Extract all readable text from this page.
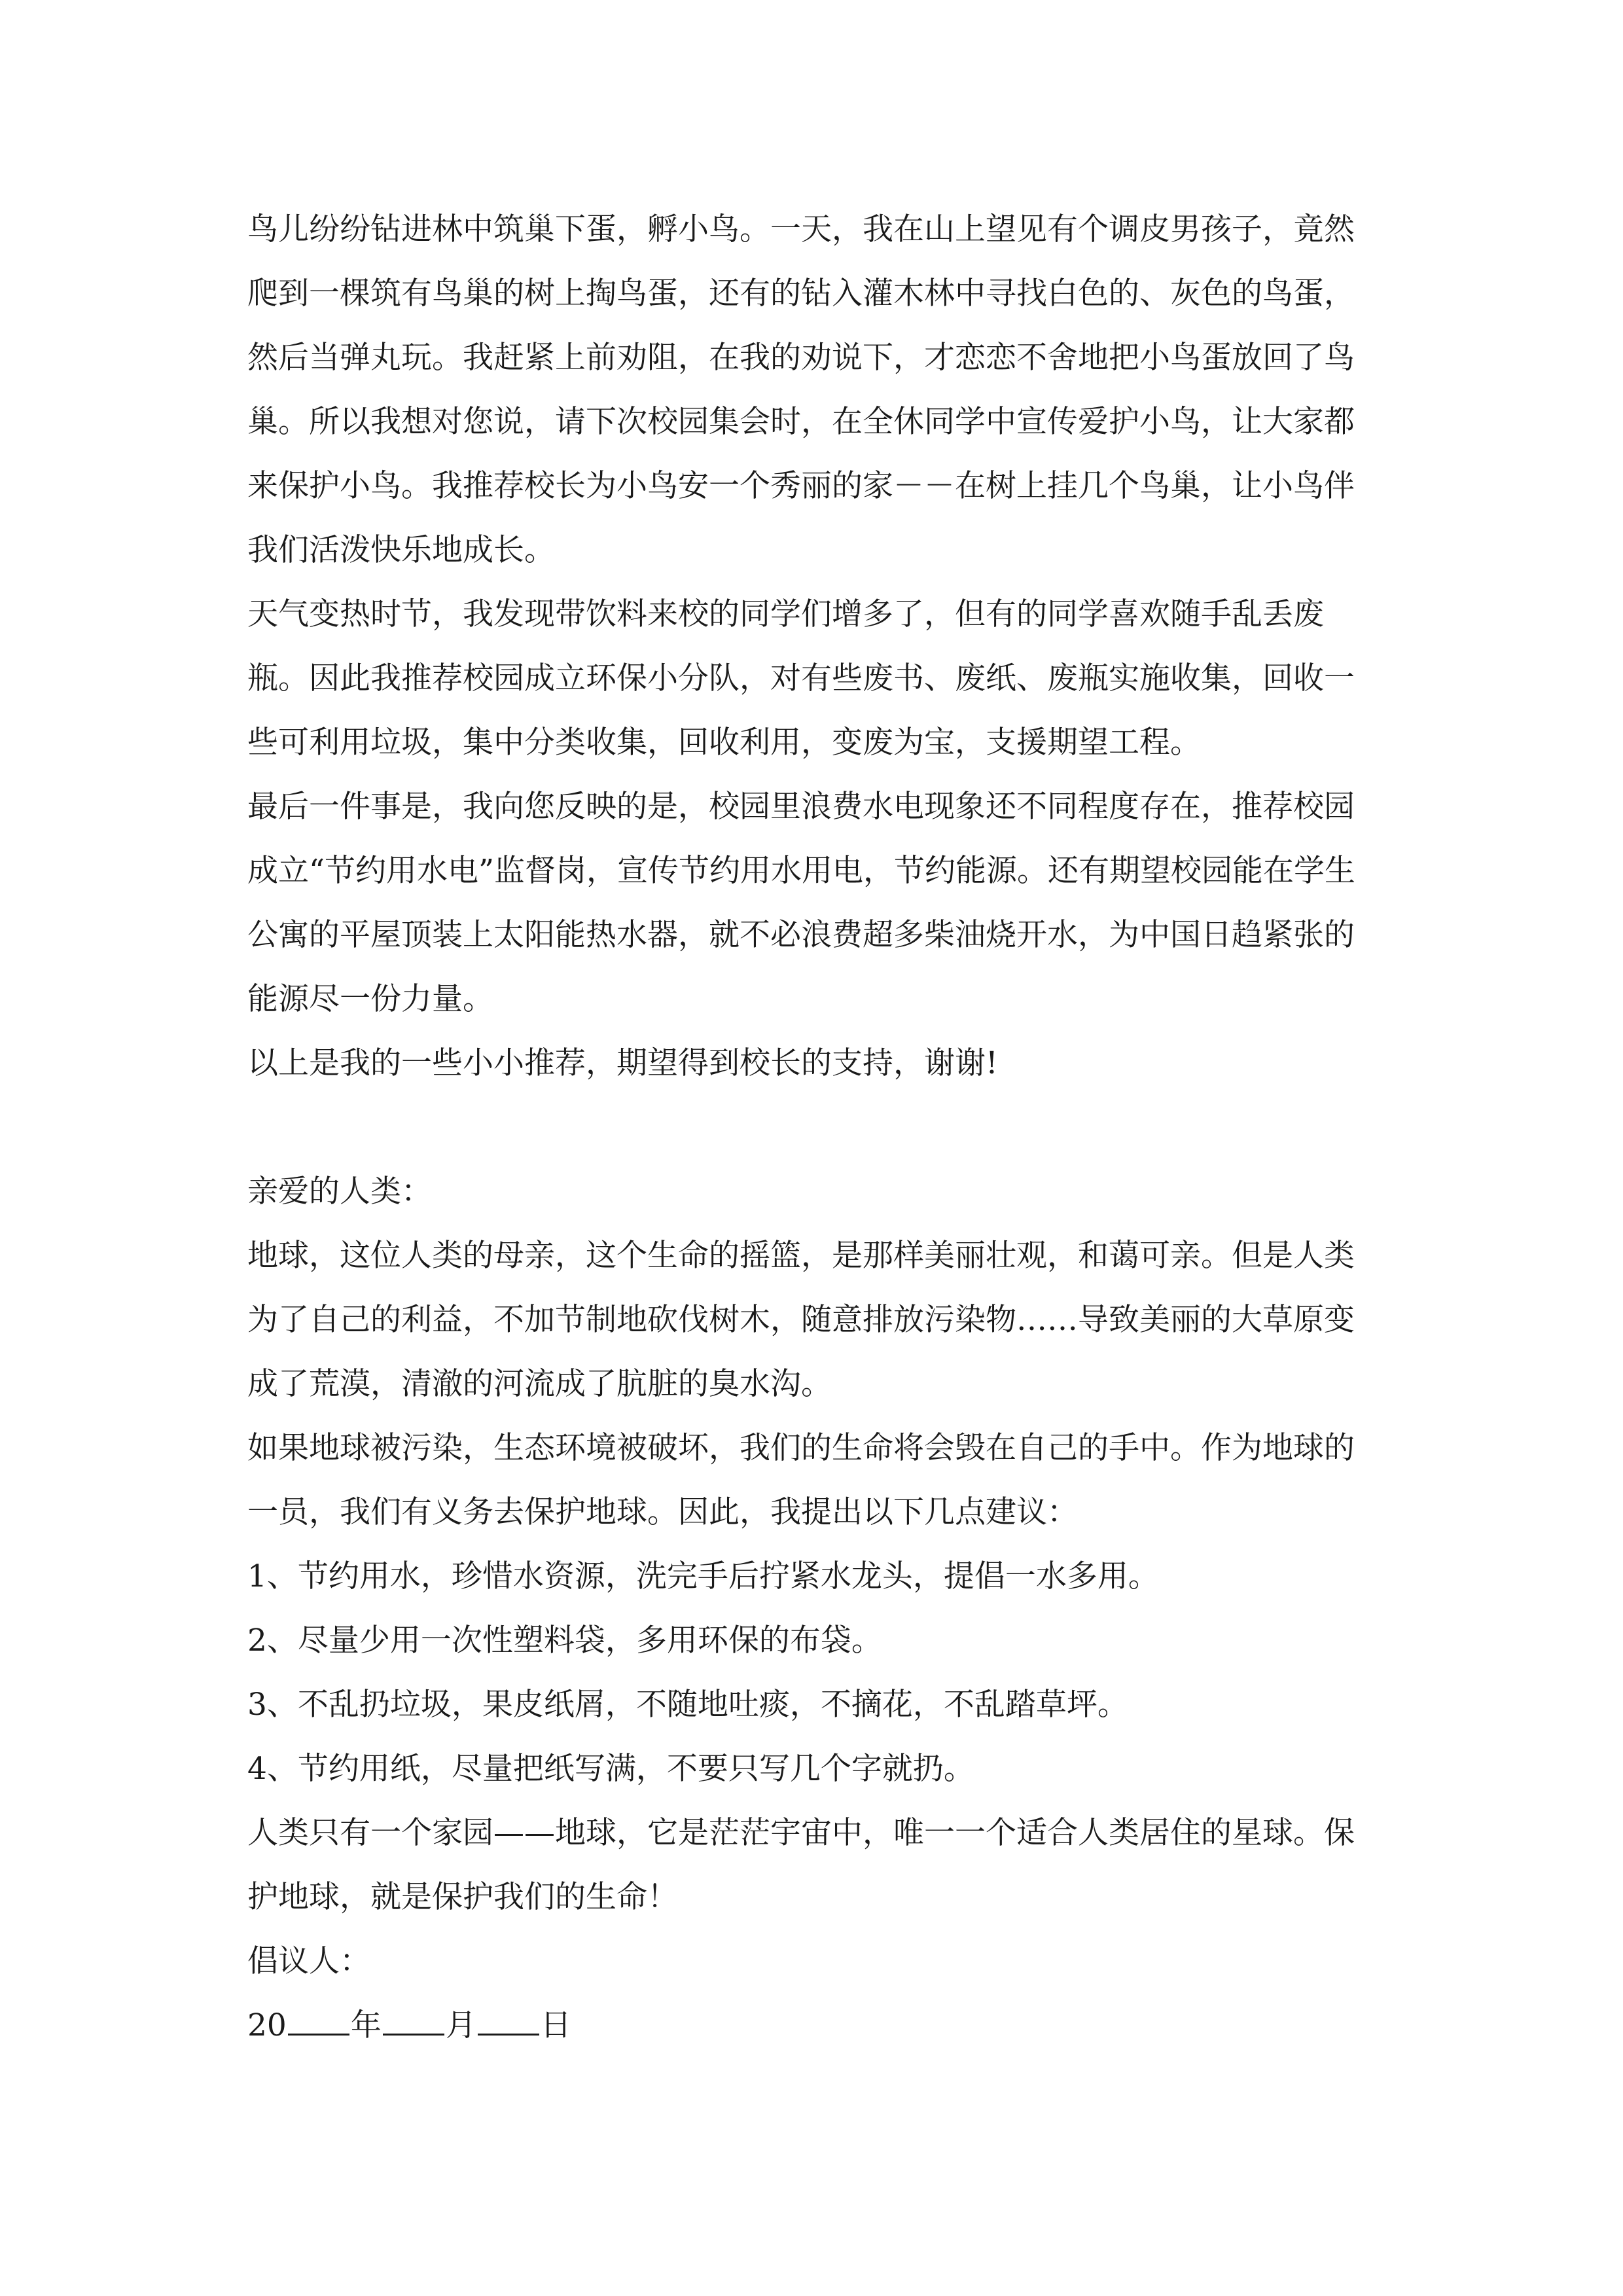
鸟儿纷纷钻进林中筑巢下蛋，孵小鸟。一天，我在山上望见有个调皮男孩子，竟然爬到一棵筑有鸟巢的树上掏鸟蛋，还有的钻入灌木林中寻找白色的、灰色的鸟蛋，然后当弹丸玩。我赶紧上前劝阻，在我的劝说下，才恋恋不舍地把小鸟蛋放回了鸟巢。所以我想对您说，请下次校园集会时，在全休同学中宣传爱护小鸟，让大家都来保护小鸟。我推荐校长为小鸟安一个秀丽的家－－在树上挂几个鸟巢，让小鸟伴我们活泼快乐地成长。

天气变热时节，我发现带饮料来校的同学们增多了，但有的同学喜欢随手乱丢废瓶。因此我推荐校园成立环保小分队，对有些废书、废纸、废瓶实施收集，回收一些可利用垃圾，集中分类收集，回收利用，变废为宝，支援期望工程。

最后一件事是，我向您反映的是，校园里浪费水电现象还不同程度存在，推荐校园成立“节约用水电”监督岗，宣传节约用水用电，节约能源。还有期望校园能在学生公寓的平屋顶装上太阳能热水器，就不必浪费超多柴油烧开水，为中国日趋紧张的能源尽一份力量。

以上是我的一些小小推荐，期望得到校长的支持，谢谢!

亲爱的人类：

地球，这位人类的母亲，这个生命的摇篮，是那样美丽壮观，和蔼可亲。但是人类为了自己的利益，不加节制地砍伐树木，随意排放污染物……导致美丽的大草原变成了荒漠，清澈的河流成了肮脏的臭水沟。

如果地球被污染，生态环境被破坏，我们的生命将会毁在自己的手中。作为地球的一员，我们有义务去保护地球。因此，我提出以下几点建议：

1、节约用水，珍惜水资源，洗完手后拧紧水龙头，提倡一水多用。

2、尽量少用一次性塑料袋，多用环保的布袋。

3、不乱扔垃圾，果皮纸屑，不随地吐痰，不摘花，不乱踏草坪。

4、节约用纸，尽量把纸写满，不要只写几个字就扔。

人类只有一个家园——地球，它是茫茫宇宙中，唯一一个适合人类居住的星球。保护地球，就是保护我们的生命！

倡议人：

20 年 月 日
